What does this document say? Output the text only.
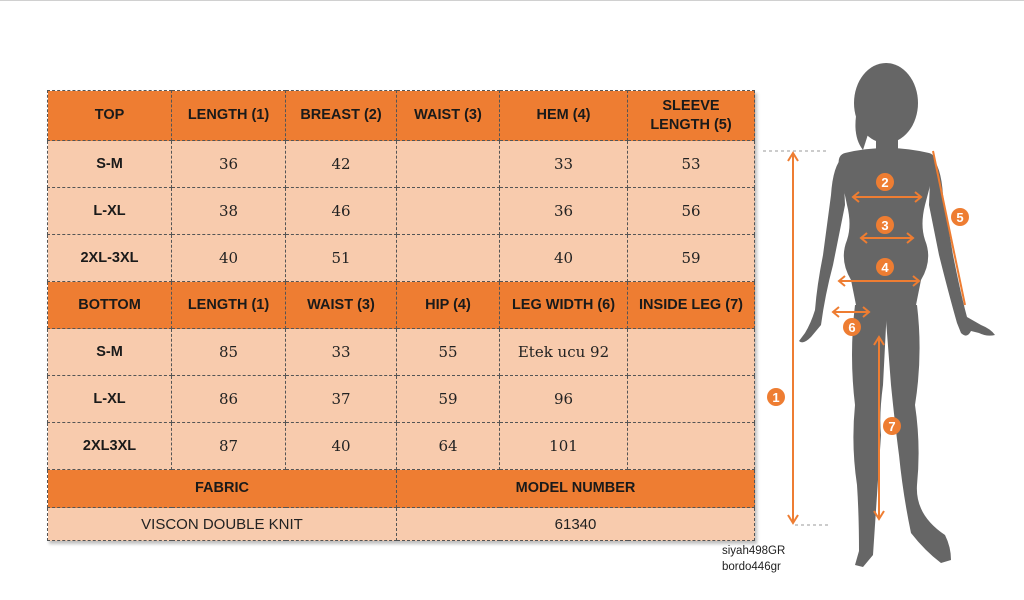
TOP	LENGTH (1)	BREAST (2)	WAIST (3)	HEM (4)	SLEEVE
LENGTH (5)
S-M	36	42		33	53
L-XL	38	46		36	56
2XL-3XL	40	51		40	59
BOTTOM	LENGTH (1)	WAIST (3)	HIP (4)	LEG WIDTH (6)	INSIDE LEG (7)
S-M	85	33	55	Etek ucu 92	
L-XL	86	37	59	96	
2XL3XL	87	40	64	101	
FABRIC			MODEL NUMBER		
VISCON DOUBLE KNIT			61340		
siyah498GR
bordo446gr
1
2
3
4
5
6
7
